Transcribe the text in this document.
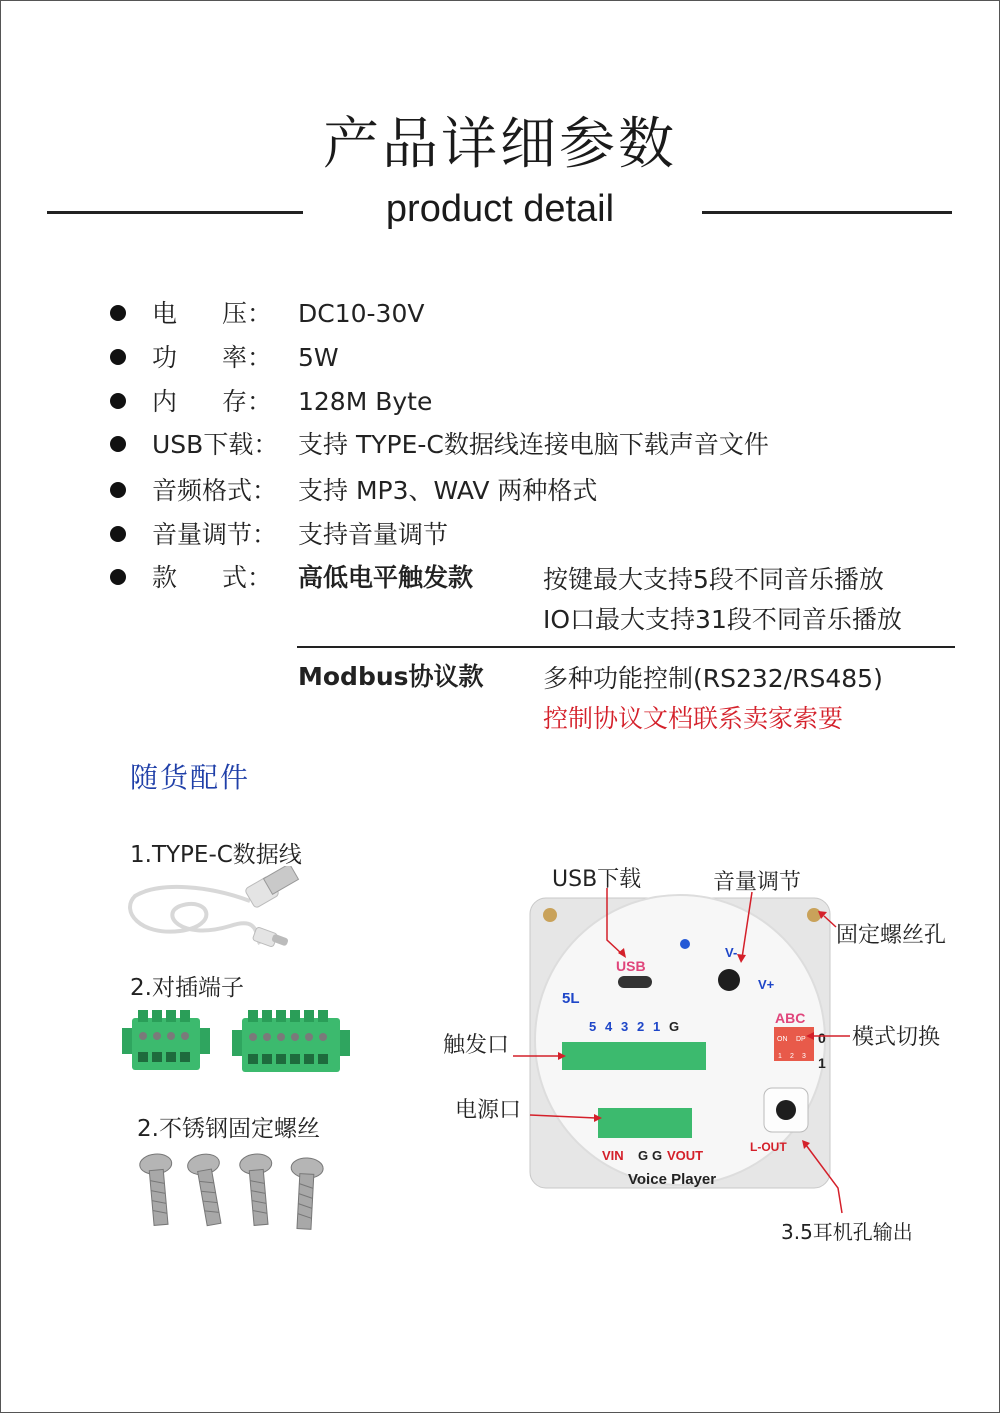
产品详细参数
product detail
电 压： DC10-30V
功 率： 5W
内 存： 128M Byte
USB下载： 支持 TYPE-C数据线连接电脑下载声音文件
音频格式： 支持 MP3、WAV 两种格式
音量调节： 支持音量调节
款 式： 高低电平触发款	按键最大支持5段不同音乐播放
IO口最大支持31段不同音乐播放
Modbus协议款 多种功能控制(RS232/RS485)
控制协议文档联系卖家索要
随货配件
1.TYPE-C数据线
2.对插端子
2.不锈钢固定螺丝
USB
5L
V-
V+
ABC
ON DP
1 2 3
0
1
5 4 3 2 1 G
VIN G G VOUT
L-OUT
Voice Player
USB下载	音量调节
固定螺丝孔
模式切换
触发口
电源口
3.5耳机孔输出
